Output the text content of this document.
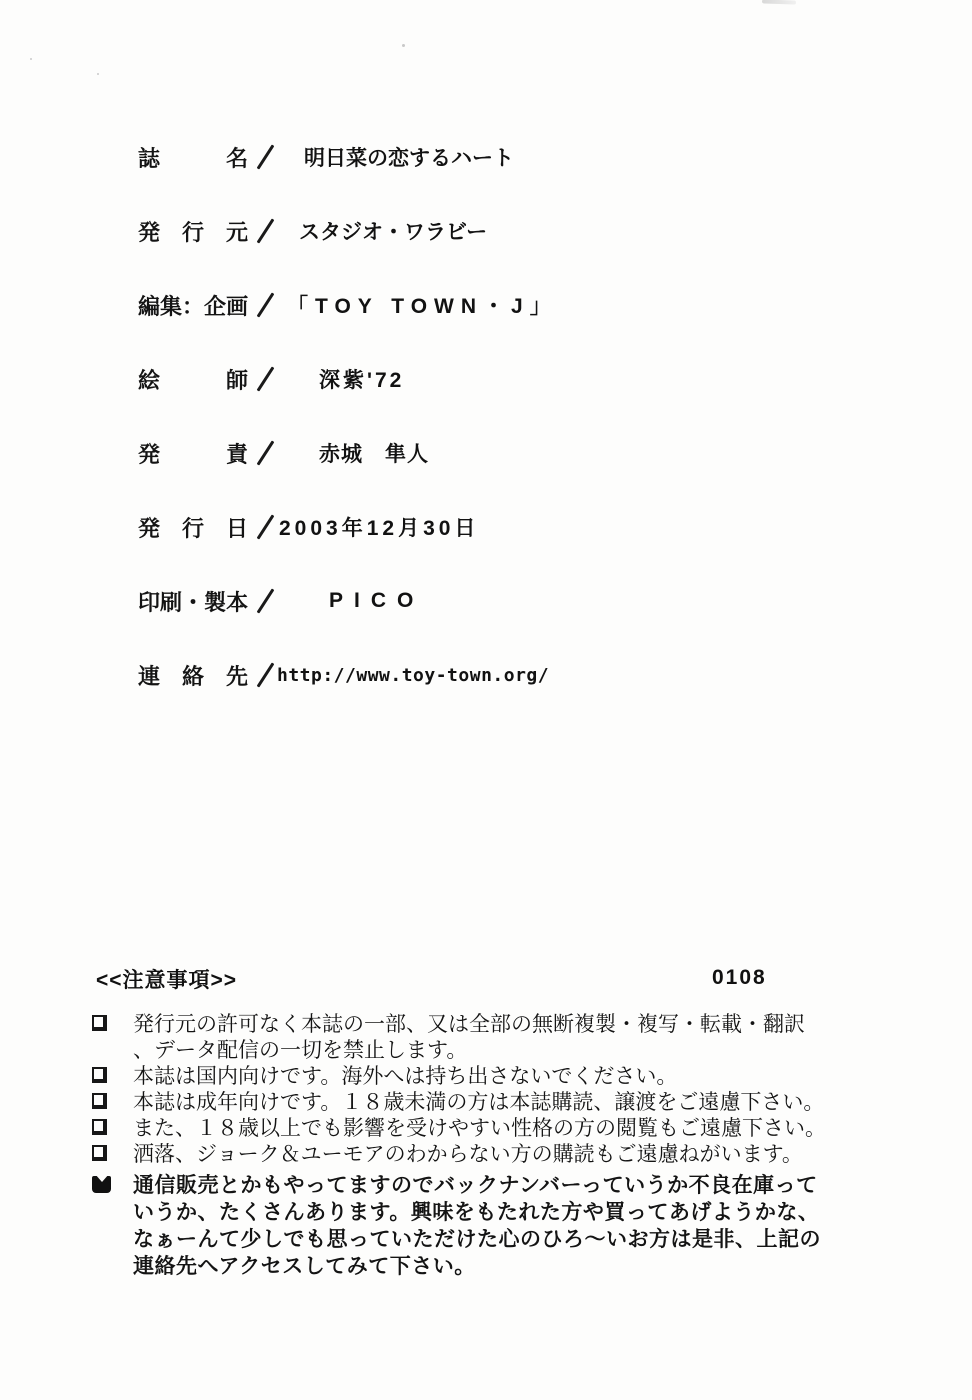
誌	名	明日菜の恋するハート
発 行 元 スタジオ・ワラビー
編 集 ： 企 画 「TOY TOWN・J」
絵	師	深紫'72
発	責	赤城　隼人
発 行 日 2003年12月30日
印 刷 ・ 製 本	PICO
連 絡 先 http://www.toy-town.org/
<<注意事項>>	0108
発行元の許可なく本誌の一部、又は全部の無断複製・複写・転載・翻訳
、データ配信の一切を禁止します。
本誌は国内向けです。海外へは持ち出さないでください。
本誌は成年向けです。１８歳未満の方は本誌購読、譲渡をご遠慮下さい。
また、１８歳以上でも影響を受けやすい性格の方の閲覧もご遠慮下さい。
洒落、ジョーク＆ユーモアのわからない方の購読もご遠慮ねがいます。
通信販売とかもやってますのでバックナンバーっていうか不良在庫って
いうか、たくさんあります。興味をもたれた方や買ってあげようかな、
なぁーんて少しでも思っていただけた心のひろ～いお方は是非、上記の
連絡先へアクセスしてみて下さい。
